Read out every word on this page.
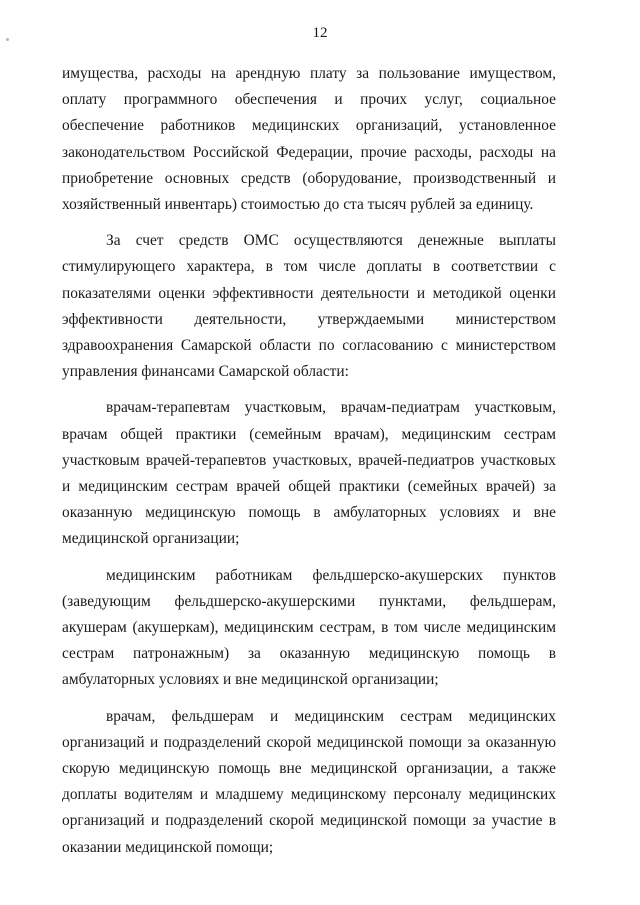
12

имущества, расходы на арендную плату за пользование имуществом,
оплату программного обеспечения и прочих услуг, социальное
обеспечение работников медицинских организаций, установленное
законодательством Российской Федерации, прочие расходы, расходы на
приобретение основных средств (оборудование, производственный и
хозяйственный инвентарь) стоимостью до ста тысяч рублей за единицу.

За счет средств ОМС осуществляются денежные выплаты
стимулирующего характера, в том числе доплаты в соответствии с
показателями оценки эффективности деятельности и методикой оценки
эффективности деятельности, утверждаемыми министерством
здравоохранения Самарской области по согласованию с министерством
управления финансами Самарской области:

врачам-терапевтам участковым, врачам-педиатрам участковым,
врачам общей практики (семейным врачам), медицинским сестрам
участковым врачей-терапевтов участковых, врачей-педиатров участковых
и медицинским сестрам врачей общей практики (семейных врачей) за
оказанную медицинскую помощь в амбулаторных условиях и вне
медицинской организации;

медицинским работникам фельдшерско-акушерских пунктов
(заведующим фельдшерско-акушерскими пунктами, фельдшерам,
акушерам (акушеркам), медицинским сестрам, в том числе медицинским
сестрам патронажным) за оказанную медицинскую помощь в
амбулаторных условиях и вне медицинской организации;

врачам, фельдшерам и медицинским сестрам медицинских
организаций и подразделений скорой медицинской помощи за оказанную
скорую медицинскую помощь вне медицинской организации, а также
доплаты водителям и младшему медицинскому персоналу медицинских
организаций и подразделений скорой медицинской помощи за участие в
оказании медицинской помощи;
